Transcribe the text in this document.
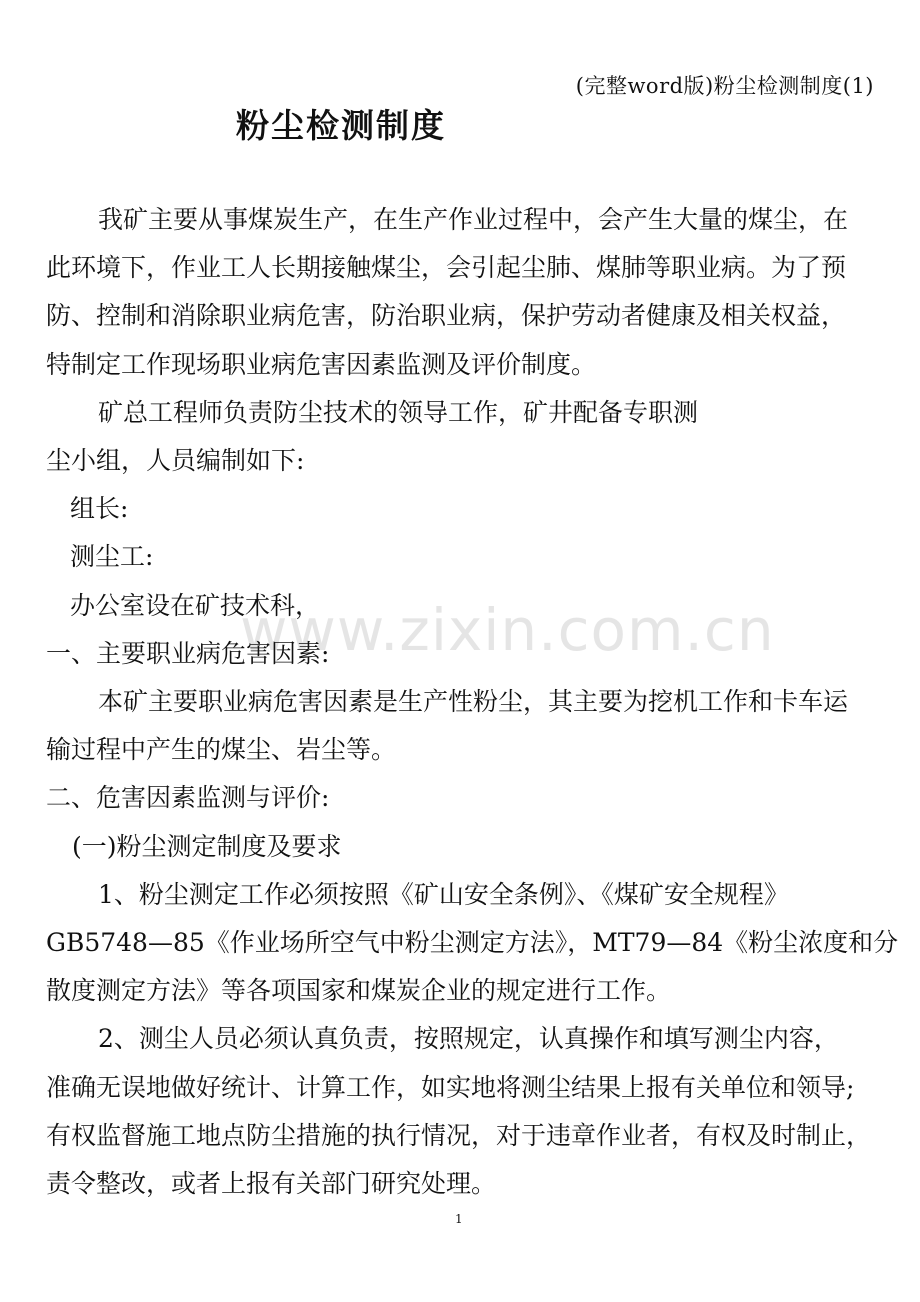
(完整word版)粉尘检测制度(1)
粉尘检测制度
www.zixin.com.cn
我矿主要从事煤炭生产，在生产作业过程中，会产生大量的煤尘，在
此环境下，作业工人长期接触煤尘，会引起尘肺、煤肺等职业病。为了预
防、控制和消除职业病危害，防治职业病，保护劳动者健康及相关权益，
特制定工作现场职业病危害因素监测及评价制度。
矿总工程师负责防尘技术的领导工作，矿井配备专职测
尘小组，人员编制如下:
组长:
测尘工:
办公室设在矿技术科，
一、主要职业病危害因素:
本矿主要职业病危害因素是生产性粉尘，其主要为挖机工作和卡车运
输过程中产生的煤尘、岩尘等。
二、危害因素监测与评价:
(一)粉尘测定制度及要求
1、粉尘测定工作必须按照《矿山安全条例》、《煤矿安全规程》
GB5748—85《作业场所空气中粉尘测定方法》，MT79—84《粉尘浓度和分
散度测定方法》等各项国家和煤炭企业的规定进行工作。
2、测尘人员必须认真负责，按照规定，认真操作和填写测尘内容，
准确无误地做好统计、计算工作，如实地将测尘结果上报有关单位和领导;
有权监督施工地点防尘措施的执行情况，对于违章作业者，有权及时制止，
责令整改，或者上报有关部门研究处理。
1
